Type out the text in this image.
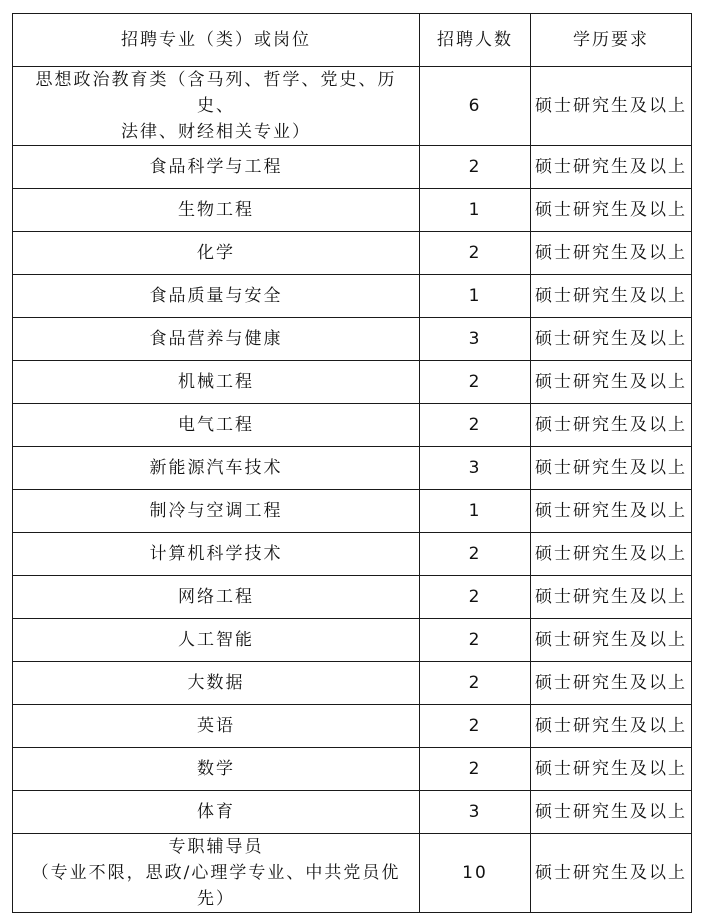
招聘专业（类）或岗位	招聘人数	学历要求

思想政治教育类（含马列、哲学、党史、历史、
法律、财经相关专业）	6	硕士研究生及以上
食品科学与工程	2	硕士研究生及以上
生物工程	1	硕士研究生及以上
化学	2	硕士研究生及以上
食品质量与安全	1	硕士研究生及以上
食品营养与健康	3	硕士研究生及以上
机械工程	2	硕士研究生及以上
电气工程	2	硕士研究生及以上
新能源汽车技术	3	硕士研究生及以上
制冷与空调工程	1	硕士研究生及以上
计算机科学技术	2	硕士研究生及以上
网络工程	2	硕士研究生及以上
人工智能	2	硕士研究生及以上
大数据	2	硕士研究生及以上
英语	2	硕士研究生及以上
数学	2	硕士研究生及以上
体育	3	硕士研究生及以上

专职辅导员
（专业不限，思政/心理学专业、中共党员优先）	10	硕士研究生及以上
